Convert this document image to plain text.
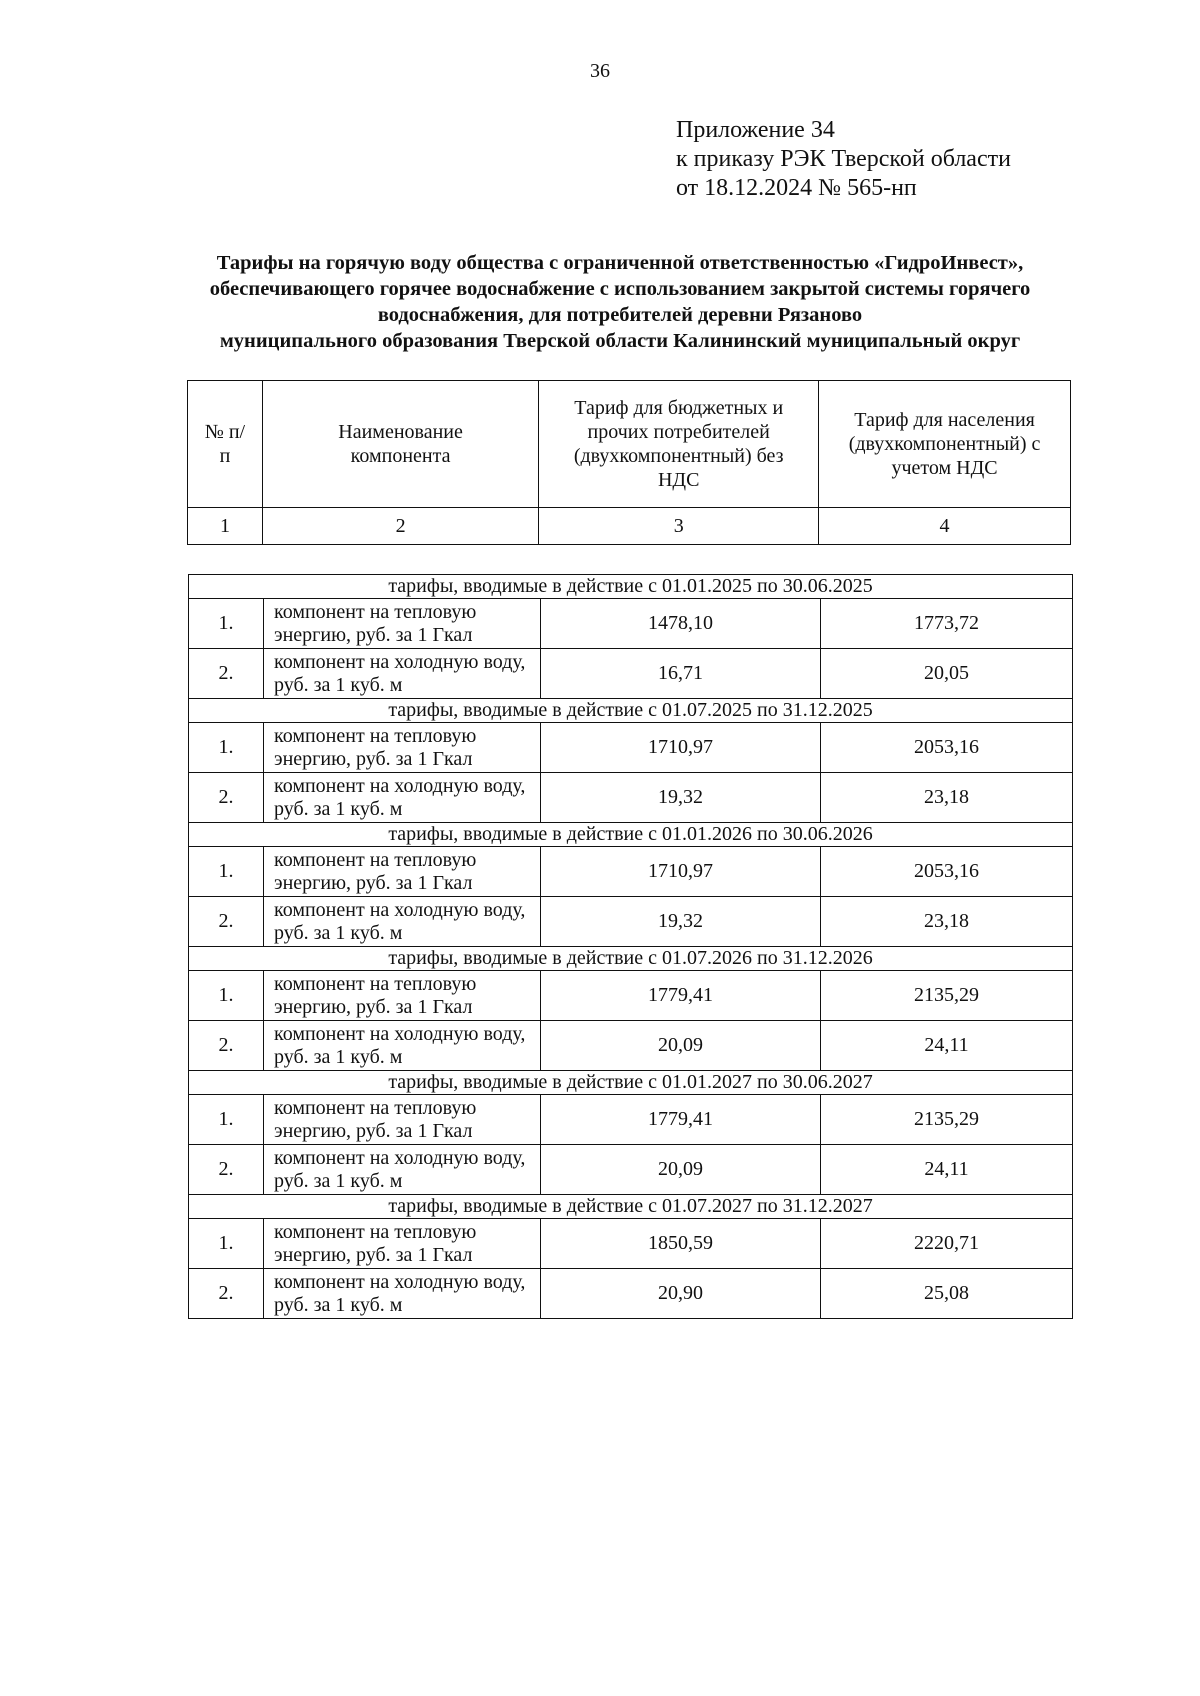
36
Приложение 34
к приказу РЭК Тверской области
от 18.12.2024 № 565-нп
Тарифы на горячую воду общества с ограниченной ответственностью «ГидроИнвест»,
обеспечивающего горячее водоснабжение с использованием закрытой системы горячего
водоснабжения, для потребителей деревни Рязаново
муниципального образования Тверской области Калининский муниципальный округ
№ п/п	Наименование компонента	Тариф для бюджетных и прочих потребителей (двухкомпонентный) без НДС	Тариф для населения (двухкомпонентный) с учетом НДС

1	2	3	4
тарифы, вводимые в действие с 01.01.2025 по 30.06.2025			
1.	компонент на тепловую энергию, руб. за 1 Гкал	1478,10	1773,72
2.	компонент на холодную воду, руб. за 1 куб. м	16,71	20,05
тарифы, вводимые в действие с 01.07.2025 по 31.12.2025			
1.	компонент на тепловую энергию, руб. за 1 Гкал	1710,97	2053,16
2.	компонент на холодную воду, руб. за 1 куб. м	19,32	23,18
тарифы, вводимые в действие с 01.01.2026 по 30.06.2026			
1.	компонент на тепловую энергию, руб. за 1 Гкал	1710,97	2053,16
2.	компонент на холодную воду, руб. за 1 куб. м	19,32	23,18
тарифы, вводимые в действие с 01.07.2026 по 31.12.2026			
1.	компонент на тепловую энергию, руб. за 1 Гкал	1779,41	2135,29
2.	компонент на холодную воду, руб. за 1 куб. м	20,09	24,11
тарифы, вводимые в действие с 01.01.2027 по 30.06.2027			
1.	компонент на тепловую энергию, руб. за 1 Гкал	1779,41	2135,29
2.	компонент на холодную воду, руб. за 1 куб. м	20,09	24,11
тарифы, вводимые в действие с 01.07.2027 по 31.12.2027			
1.	компонент на тепловую энергию, руб. за 1 Гкал	1850,59	2220,71
2.	компонент на холодную воду, руб. за 1 куб. м	20,90	25,08
